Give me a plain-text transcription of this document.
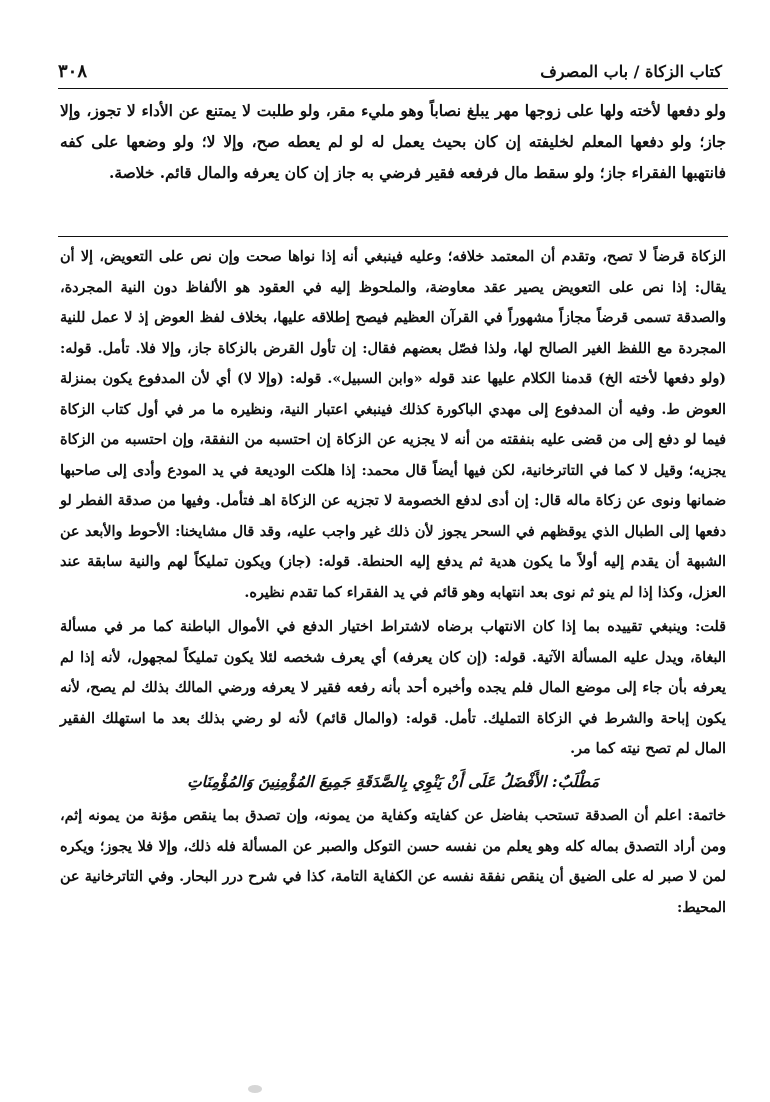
كتاب الزكاة / باب المصرف
٣٠٨
ولو دفعها لأخته ولها على زوجها مهر يبلغ نصاباً وهو مليء مقر، ولو طلبت لا يمتنع عن الأداء لا تجوز، وإلا جاز؛ ولو دفعها المعلم لخليفته إن كان بحيث يعمل له لو لم يعطه صح، وإلا لا؛ ولو وضعها على كفه فانتهبها الفقراء جاز؛ ولو سقط مال فرفعه فقير فرضي به جاز إن كان يعرفه والمال قائم. خلاصة.

الزكاة قرضاً لا تصح، وتقدم أن المعتمد خلافه؛ وعليه فينبغي أنه إذا نواها صحت وإن نص على التعويض، إلا أن يقال: إذا نص على التعويض يصير عقد معاوضة، والملحوظ إليه في العقود هو الألفاظ دون النية المجردة، والصدقة تسمى قرضاً مجازاً مشهوراً في القرآن العظيم فيصح إطلاقه عليها، بخلاف لفظ العوض إذ لا عمل للنية المجردة مع اللفظ الغير الصالح لها، ولذا فصّل بعضهم فقال: إن تأول القرض بالزكاة جاز، وإلا فلا. تأمل. قوله: (ولو دفعها لأخته الخ) قدمنا الكلام عليها عند قوله «وابن السبيل». قوله: (وإلا لا) أي لأن المدفوع يكون بمنزلة العوض ط. وفيه أن المدفوع إلى مهدي الباكورة كذلك فينبغي اعتبار النية، ونظيره ما مر في أول كتاب الزكاة فيما لو دفع إلى من قضى عليه بنفقته من أنه لا يجزيه عن الزكاة إن احتسبه من النفقة، وإن احتسبه من الزكاة يجزيه؛ وقيل لا كما في التاترخانية، لكن فيها أيضاً قال محمد: إذا هلكت الوديعة في يد المودع وأدى إلى صاحبها ضمانها ونوى عن زكاة ماله قال: إن أدى لدفع الخصومة لا تجزيه عن الزكاة اهـ فتأمل. وفيها من صدقة الفطر لو دفعها إلى الطبال الذي يوقظهم في السحر يجوز لأن ذلك غير واجب عليه، وقد قال مشايخنا: الأحوط والأبعد عن الشبهة أن يقدم إليه أولاً ما يكون هدية ثم يدفع إليه الحنطة. قوله: (جاز) ويكون تمليكاً لهم والنية سابقة عند العزل، وكذا إذا لم ينو ثم نوى بعد انتهابه وهو قائم في يد الفقراء كما تقدم نظيره.

قلت: وينبغي تقييده بما إذا كان الانتهاب برضاه لاشتراط اختيار الدفع في الأموال الباطنة كما مر في مسألة البغاة، ويدل عليه المسألة الآتية. قوله: (إن كان يعرفه) أي يعرف شخصه لئلا يكون تمليكاً لمجهول، لأنه إذا لم يعرفه بأن جاء إلى موضع المال فلم يجده وأخبره أحد بأنه رفعه فقير لا يعرفه ورضي المالك بذلك لم يصح، لأنه يكون إباحة والشرط في الزكاة التمليك. تأمل. قوله: (والمال قائم) لأنه لو رضي بذلك بعد ما استهلك الفقير المال لم تصح نيته كما مر.

مَطْلَبٌ: الأَفْضَلُ عَلَى أَنْ يَنْوِي بِالصَّدَقَةِ جَمِيعَ المُؤْمِنِينَ وَالمُؤْمِنَاتِ

خاتمة: اعلم أن الصدقة تستحب بفاضل عن كفايته وكفاية من يمونه، وإن تصدق بما ينقص مؤنة من يمونه إثم، ومن أراد التصدق بماله كله وهو يعلم من نفسه حسن التوكل والصبر عن المسألة فله ذلك، وإلا فلا يجوز؛ ويكره لمن لا صبر له على الضيق أن ينقص نفقة نفسه عن الكفاية التامة، كذا في شرح درر البحار. وفي التاترخانية عن المحيط:
